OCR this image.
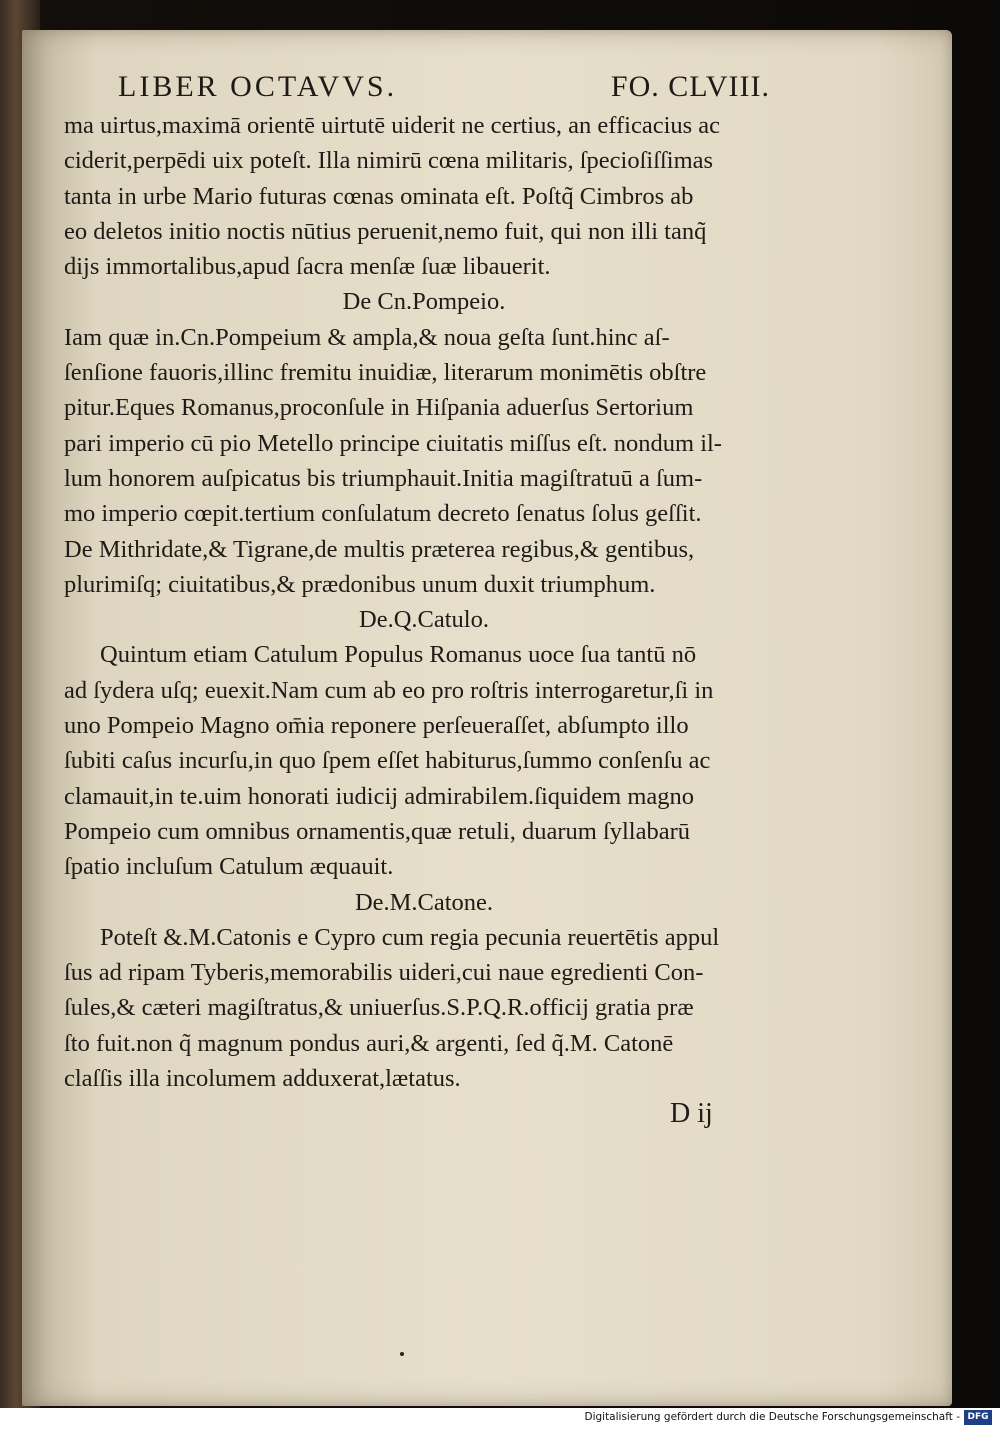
LIBER OCTAVVS.	FO. CLVIII.
ma uirtus,maximā orientē uirtutē uiderit ne certius, an efficacius ac
ciderit,perpēdi uix poteſt. Illa nimirū cœna militaris, ſpecioſiſſimas
tanta in urbe Mario futuras cœnas ominata eſt. Poſtq̃ Cimbros ab
eo deletos initio noctis nūtius peruenit,nemo fuit, qui non illi tanq̃
dijs immortalibus,apud ſacra menſæ ſuæ libauerit.
De Cn.Pompeio.
Iam quæ in.Cn.Pompeium & ampla,& noua geſta ſunt.hinc aſ-
ſenſione fauoris,illinc fremitu inuidiæ, literarum monimētis obſtre
pitur.Eques Romanus,proconſule in Hiſpania aduerſus Sertorium
pari imperio cū pio Metello principe ciuitatis miſſus eſt. nondum il-
lum honorem auſpicatus bis triumphauit.Initia magiſtratuū a ſum-
mo imperio cœpit.tertium conſulatum decreto ſenatus ſolus geſſit.
De Mithridate,& Tigrane,de multis præterea regibus,& gentibus,
plurimiſq; ciuitatibus,& prædonibus unum duxit triumphum.
De.Q.Catulo.
Quintum etiam Catulum Populus Romanus uoce ſua tantū nō
ad ſydera uſq; euexit.Nam cum ab eo pro roſtris interrogaretur,ſi in
uno Pompeio Magno om̄ia reponere perſeueraſſet, abſumpto illo
ſubiti caſus incurſu,in quo ſpem eſſet habiturus,ſummo conſenſu ac
clamauit,in te.uim honorati iudicij admirabilem.ſiquidem magno
Pompeio cum omnibus ornamentis,quæ retuli, duarum ſyllabarū
ſpatio incluſum Catulum æquauit.
De.M.Catone.
Poteſt &.M.Catonis e Cypro cum regia pecunia reuertētis appul
ſus ad ripam Tyberis,memorabilis uideri,cui naue egredienti Con-
ſules,& cæteri magiſtratus,& uniuerſus.S.P.Q.R.officij gratia præ
ſto fuit.non q̃ magnum pondus auri,& argenti, ſed q̃.M. Catonē
claſſis illa incolumem adduxerat,lætatus.
D ij
Digitalisierung gefördert durch die Deutsche Forschungsgemeinschaft - DFG
